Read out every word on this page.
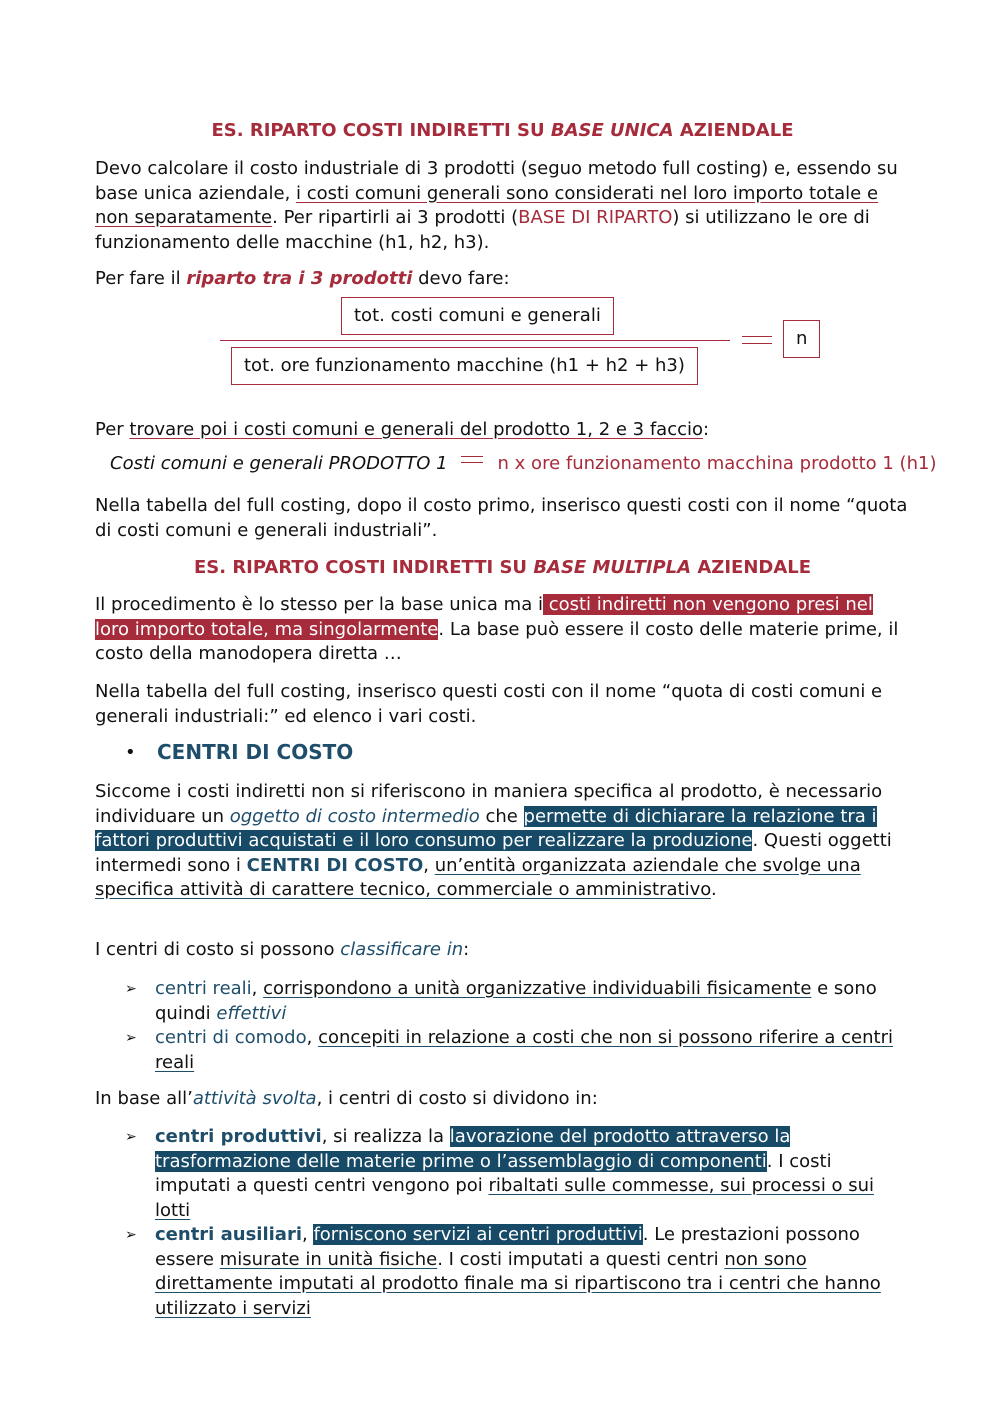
ES. RIPARTO COSTI INDIRETTI SU BASE UNICA AZIENDALE

Devo calcolare il costo industriale di 3 prodotti (seguo metodo full costing) e, essendo su base unica aziendale, i costi comuni generali sono considerati nel loro importo totale e non separatamente. Per ripartirli ai 3 prodotti (BASE DI RIPARTO) si utilizzano le ore di funzionamento delle macchine (h1, h2, h3).

Per fare il riparto tra i 3 prodotti devo fare:

tot. costi comuni e generali
tot. ore funzionamento macchine (h1 + h2 + h3)
n

Per trovare poi i costi comuni e generali del prodotto 1, 2 e 3 faccio:

Costi comuni e generali PRODOTTO 1	n x ore funzionamento macchina prodotto 1 (h1)

Nella tabella del full costing, dopo il costo primo, inserisco questi costi con il nome “quota di costi comuni e generali industriali”.

ES. RIPARTO COSTI INDIRETTI SU BASE MULTIPLA AZIENDALE

Il procedimento è lo stesso per la base unica ma i costi indiretti non vengono presi nel loro importo totale, ma singolarmente. La base può essere il costo delle materie prime, il costo della manodopera diretta …

Nella tabella del full costing, inserisco questi costi con il nome “quota di costi comuni e generali industriali:” ed elenco i vari costi.

• CENTRI DI COSTO

Siccome i costi indiretti non si riferiscono in maniera specifica al prodotto, è necessario individuare un oggetto di costo intermedio che permette di dichiarare la relazione tra i fattori produttivi acquistati e il loro consumo per realizzare la produzione. Questi oggetti intermedi sono i CENTRI DI COSTO, un’entità organizzata aziendale che svolge una specifica attività di carattere tecnico, commerciale o amministrativo.

I centri di costo si possono classificare in:

➢ centri reali, corrispondono a unità organizzative individuabili fisicamente e sono quindi effettivi
➢ centri di comodo, concepiti in relazione a costi che non si possono riferire a centri reali

In base all’attività svolta, i centri di costo si dividono in:

➢ centri produttivi, si realizza la lavorazione del prodotto attraverso la trasformazione delle materie prime o l’assemblaggio di componenti. I costi imputati a questi centri vengono poi ribaltati sulle commesse, sui processi o sui lotti
➢ centri ausiliari, forniscono servizi ai centri produttivi. Le prestazioni possono essere misurate in unità fisiche. I costi imputati a questi centri non sono direttamente imputati al prodotto finale ma si ripartiscono tra i centri che hanno utilizzato i servizi
